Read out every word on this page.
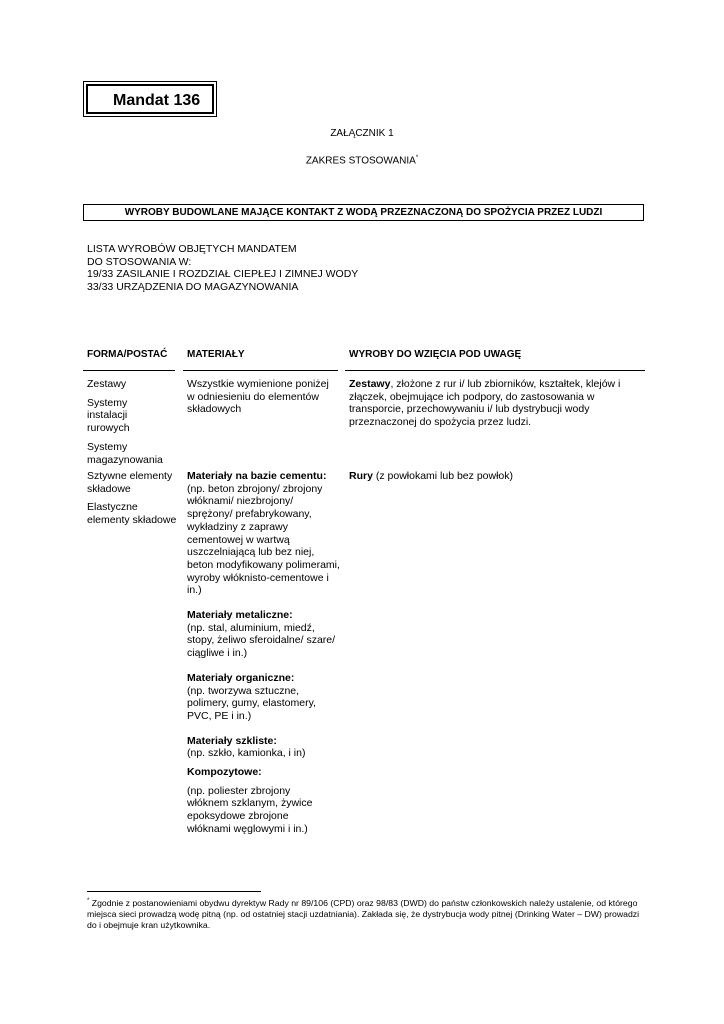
Mandat 136
ZAŁĄCZNIK 1
ZAKRES STOSOWANIA*
WYROBY BUDOWLANE MAJĄCE KONTAKT Z WODĄ PRZEZNACZONĄ DO SPOŻYCIA PRZEZ LUDZI
LISTA WYROBÓW OBJĘTYCH MANDATEM
DO STOSOWANIA W:
19/33 ZASILANIE I ROZDZIAŁ CIEPŁEJ I ZIMNEJ WODY
33/33 URZĄDZENIA DO MAGAZYNOWANIA
FORMA/POSTAĆ MATERIAŁY	WYROBY DO WZIĘCIA POD UWAGĘ

Zestawy

Systemy instalacji rurowych

Systemy magazynowania

Wszystkie wymienione poniżej w odniesieniu do elementów składowych
Zestawy, złożone z rur i/ lub zbiorników, kształtek, klejów i złączek, obejmujące ich podpory, do zastosowania w transporcie, przechowywaniu i/ lub dystrybucji wody przeznaczonej do spożycia przez ludzi.

Sztywne elementy składowe

Elastyczne elementy składowe

Materiały na bazie cementu:
(np. beton zbrojony/ zbrojony włóknami/ niezbrojony/ sprężony/ prefabrykowany, wykładziny z zaprawy cementowej w wartwą uszczelniającą lub bez niej, beton modyfikowany polimerami, wyroby włóknisto-cementowe i in.)
Materiały metaliczne:
(np. stal, aluminium, miedź, stopy, żeliwo sferoidalne/ szare/ ciągliwe i in.)
Materiały organiczne:
(np. tworzywa sztuczne, polimery, gumy, elastomery, PVC, PE i in.)
Materiały szkliste:
(np. szkło, kamionka, i in)
Kompozytowe:
(np. poliester zbrojony włóknem szklanym, żywice epoksydowe zbrojone włóknami węglowymi i in.)
Rury (z powłokami lub bez powłok)
* Zgodnie z postanowieniami obydwu dyrektyw Rady nr 89/106 (CPD) oraz 98/83 (DWD) do państw członkowskich należy ustalenie, od którego miejsca sieci prowadzą wodę pitną (np. od ostatniej stacji uzdatniania). Zakłada się, że dystrybucja wody pitnej (Drinking Water – DW) prowadzi do i obejmuje kran użytkownika.
